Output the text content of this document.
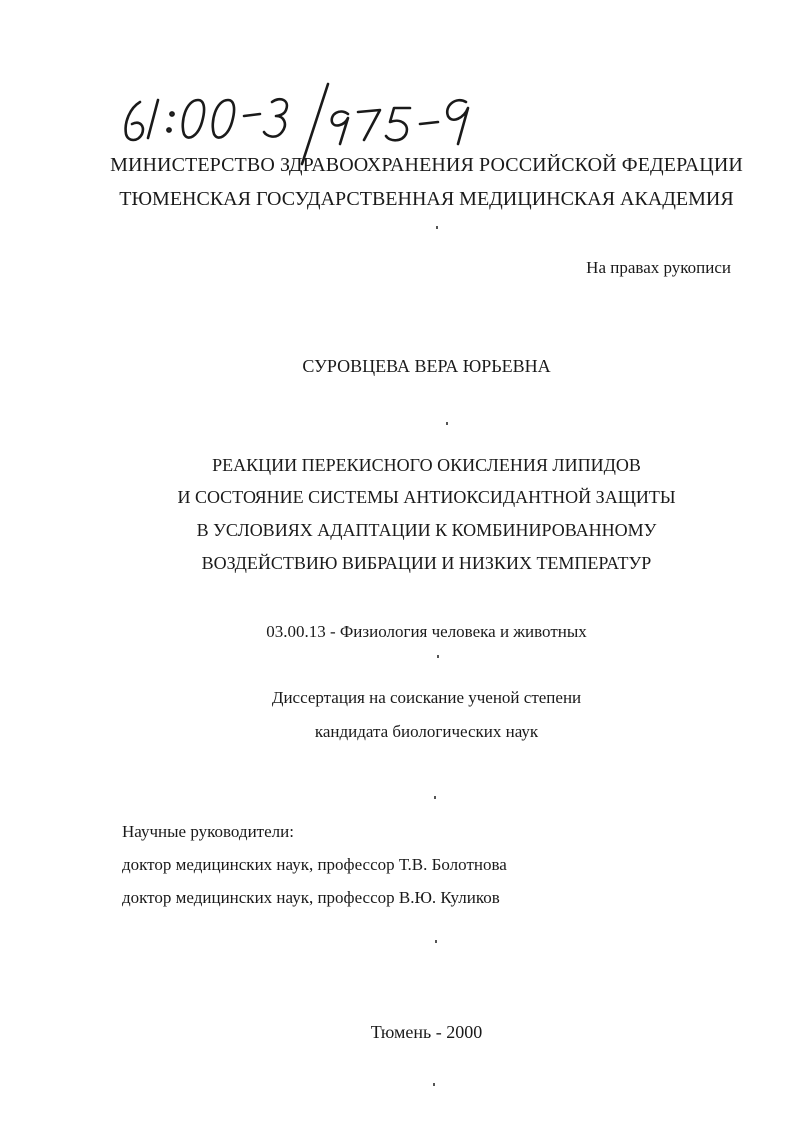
МИНИСТЕРСТВО ЗДРАВООХРАНЕНИЯ РОССИЙСКОЙ ФЕДЕРАЦИИ
ТЮМЕНСКАЯ ГОСУДАРСТВЕННАЯ МЕДИЦИНСКАЯ АКАДЕМИЯ
На правах рукописи
СУРОВЦЕВА ВЕРА ЮРЬЕВНА
РЕАКЦИИ ПЕРЕКИСНОГО ОКИСЛЕНИЯ ЛИПИДОВ
И СОСТОЯНИЕ СИСТЕМЫ АНТИОКСИДАНТНОЙ ЗАЩИТЫ
В УСЛОВИЯХ АДАПТАЦИИ К КОМБИНИРОВАННОМУ
ВОЗДЕЙСТВИЮ ВИБРАЦИИ И НИЗКИХ ТЕМПЕРАТУР
03.00.13 - Физиология человека и животных
Диссертация на соискание ученой степени
кандидата биологических наук
Научные руководители:
доктор медицинских наук, профессор Т.В. Болотнова
доктор медицинских наук, профессор В.Ю. Куликов
Тюмень - 2000
